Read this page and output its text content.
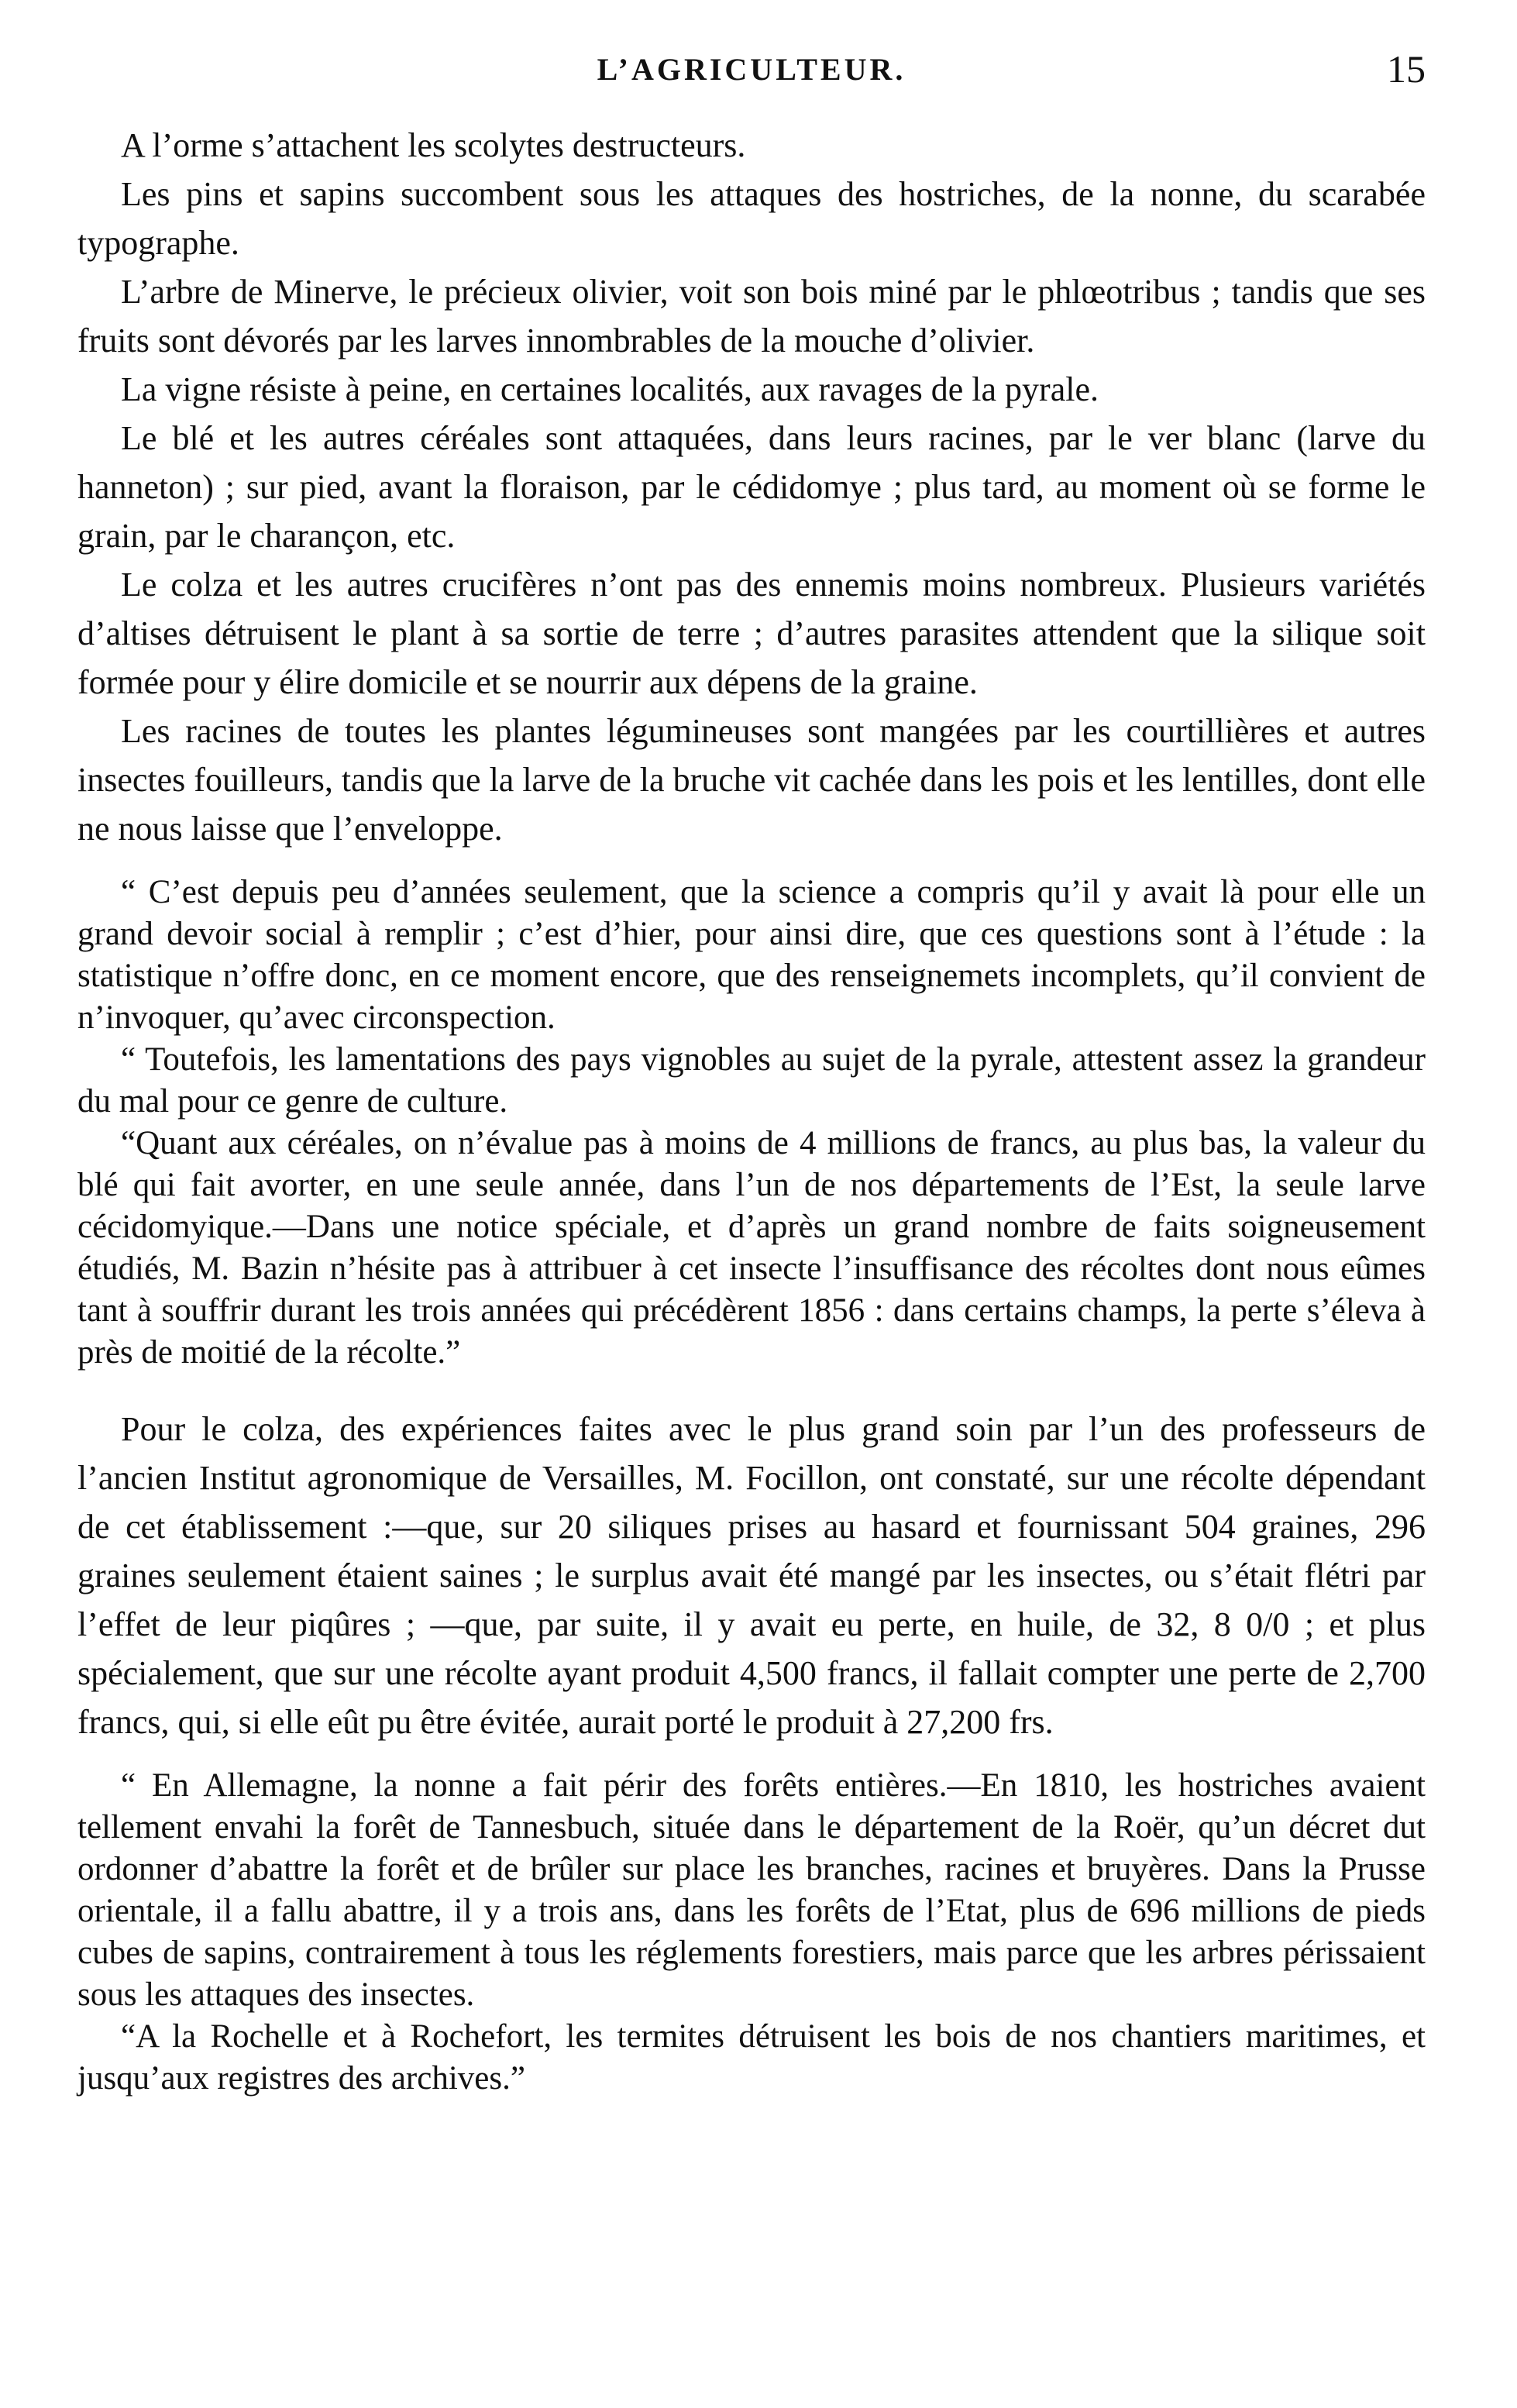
L’AGRICULTEUR.	15

A l’orme s’attachent les scolytes destructeurs.

Les pins et sapins succombent sous les attaques des hostriches, de la nonne, du scarabée typographe.

L’arbre de Minerve, le précieux olivier, voit son bois miné par le phlœotribus ; tandis que ses fruits sont dévorés par les larves innombrables de la mouche d’olivier.

La vigne résiste à peine, en certaines localités, aux ravages de la pyrale.

Le blé et les autres céréales sont attaquées, dans leurs racines, par le ver blanc (larve du hanneton) ; sur pied, avant la floraison, par le cédidomye ; plus tard, au moment où se forme le grain, par le charançon, etc.

Le colza et les autres crucifères n’ont pas des ennemis moins nombreux. Plusieurs variétés d’altises détruisent le plant à sa sortie de terre ; d’autres parasites attendent que la silique soit formée pour y élire domicile et se nourrir aux dépens de la graine.

Les racines de toutes les plantes légumineuses sont mangées par les courtillières et autres insectes fouilleurs, tandis que la larve de la bruche vit cachée dans les pois et les lentilles, dont elle ne nous laisse que l’enveloppe.

“ C’est depuis peu d’années seulement, que la science a compris qu’il y avait là pour elle un grand devoir social à remplir ; c’est d’hier, pour ainsi dire, que ces questions sont à l’étude : la statistique n’offre donc, en ce moment encore, que des renseignemets incomplets, qu’il convient de n’invoquer, qu’avec circonspection.

“ Toutefois, les lamentations des pays vignobles au sujet de la pyrale, attestent assez la grandeur du mal pour ce genre de culture.

“Quant aux céréales, on n’évalue pas à moins de 4 millions de francs, au plus bas, la valeur du blé qui fait avorter, en une seule année, dans l’un de nos départements de l’Est, la seule larve cécidomyique.—Dans une notice spéciale, et d’après un grand nombre de faits soigneusement étudiés, M. Bazin n’hésite pas à attribuer à cet insecte l’insuffisance des récoltes dont nous eûmes tant à souffrir durant les trois années qui précédèrent 1856 : dans certains champs, la perte s’éleva à près de moitié de la récolte.”

Pour le colza, des expériences faites avec le plus grand soin par l’un des professeurs de l’ancien Institut agronomique de Versailles, M. Focillon, ont constaté, sur une récolte dépendant de cet établissement :—que, sur 20 siliques prises au hasard et fournissant 504 graines, 296 graines seulement étaient saines ; le surplus avait été mangé par les insectes, ou s’était flétri par l’effet de leur piqûres ; —que, par suite, il y avait eu perte, en huile, de 32, 8 0/0 ; et plus spécialement, que sur une récolte ayant produit 4,500 francs, il fallait compter une perte de 2,700 francs, qui, si elle eût pu être évitée, aurait porté le produit à 27,200 frs.

“ En Allemagne, la nonne a fait périr des forêts entières.—En 1810, les hostriches avaient tellement envahi la forêt de Tannesbuch, située dans le département de la Roër, qu’un décret dut ordonner d’abattre la forêt et de brûler sur place les branches, racines et bruyères. Dans la Prusse orientale, il a fallu abattre, il y a trois ans, dans les forêts de l’Etat, plus de 696 millions de pieds cubes de sapins, contrairement à tous les réglements forestiers, mais parce que les arbres périssaient sous les attaques des insectes.

“A la Rochelle et à Rochefort, les termites détruisent les bois de nos chantiers maritimes, et jusqu’aux registres des archives.”
